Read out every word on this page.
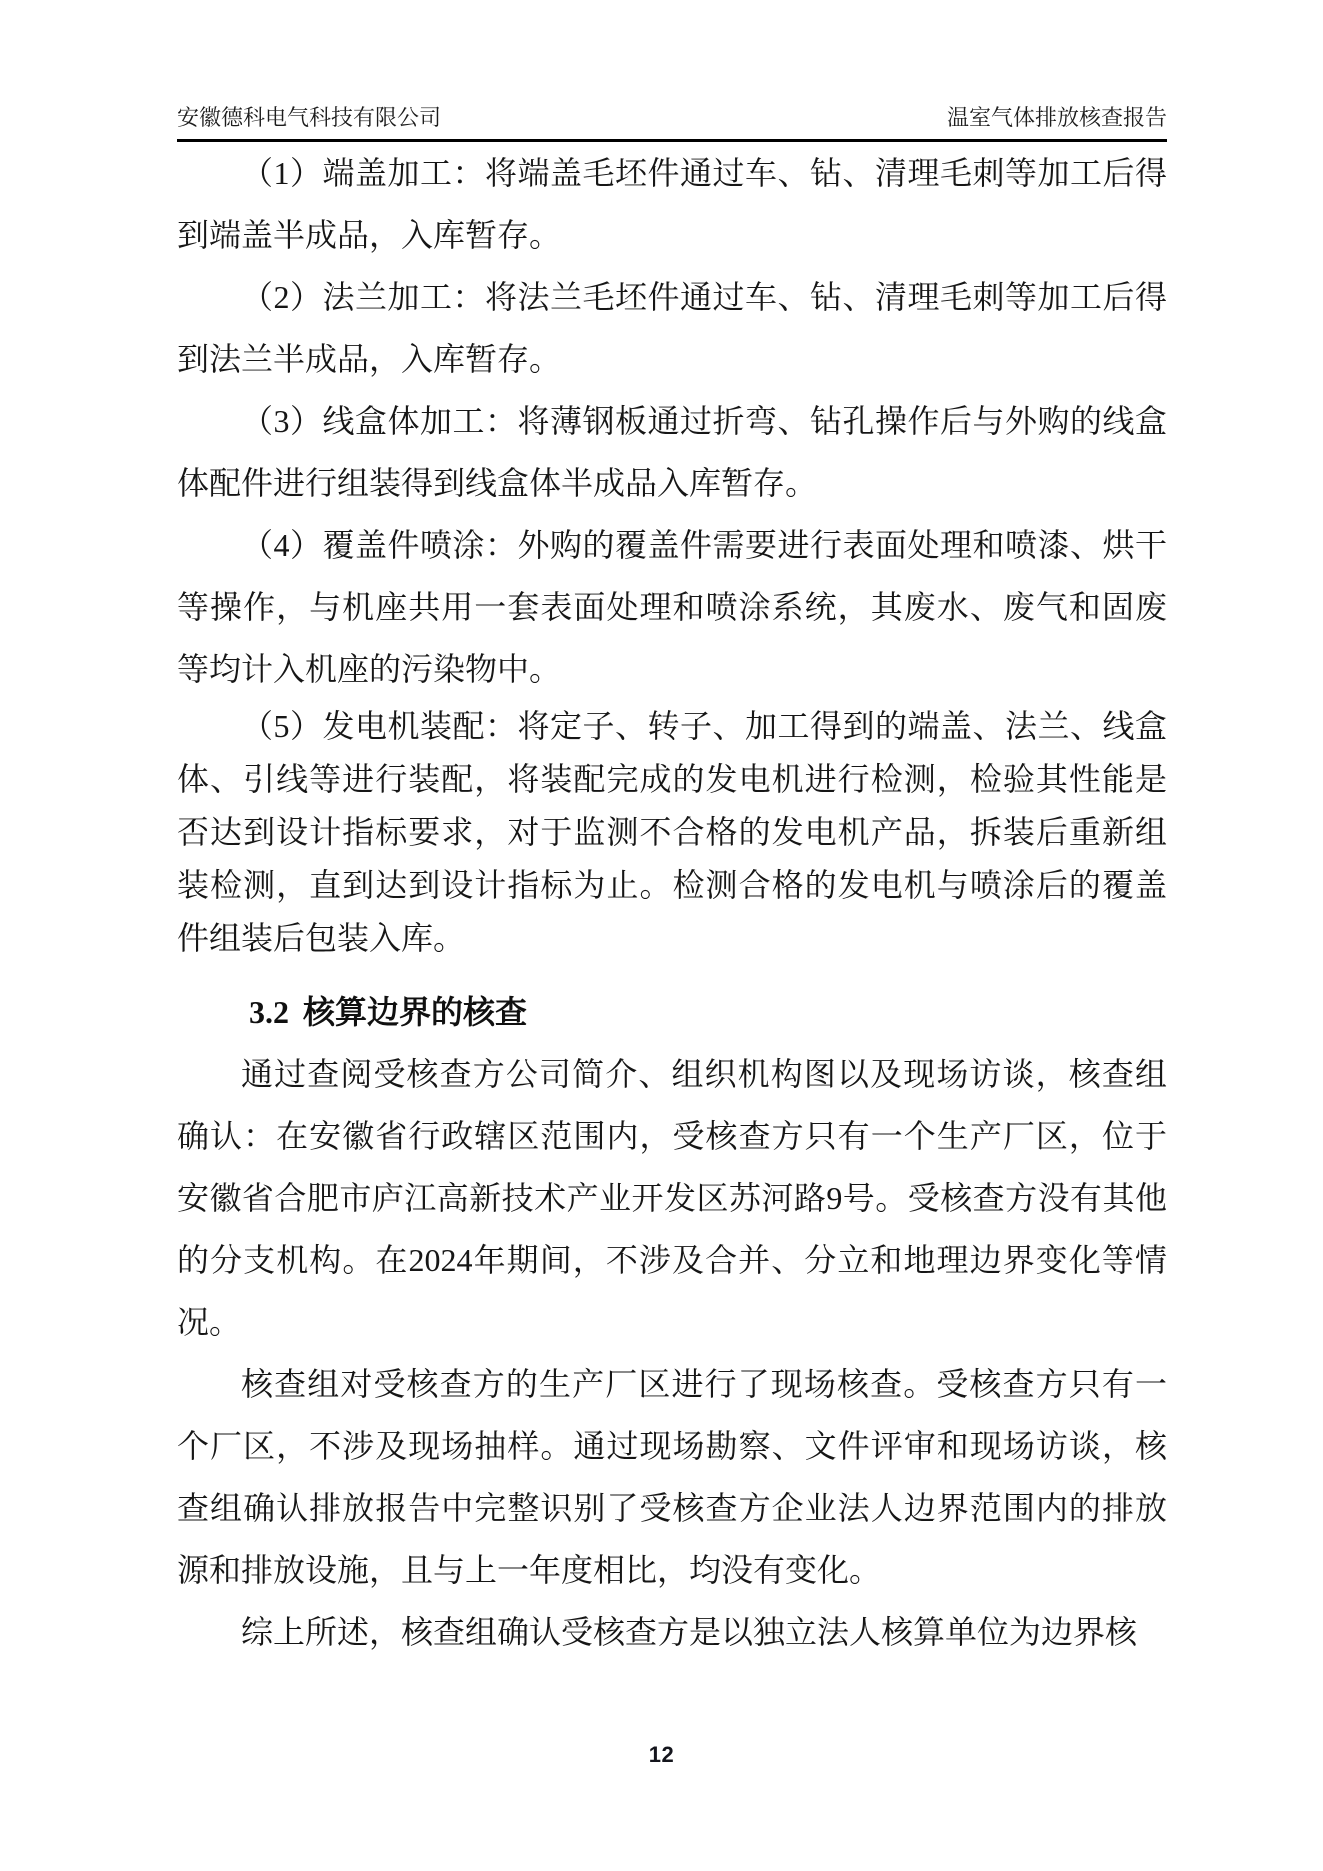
安徽德科电气科技有限公司	温室气体排放核查报告

（1）端盖加工：将端盖毛坯件通过车、钻、清理毛刺等加工后得到端盖半成品，入库暂存。

（2）法兰加工：将法兰毛坯件通过车、钻、清理毛刺等加工后得到法兰半成品，入库暂存。

（3）线盒体加工：将薄钢板通过折弯、钻孔操作后与外购的线盒体配件进行组装得到线盒体半成品入库暂存。

（4）覆盖件喷涂：外购的覆盖件需要进行表面处理和喷漆、烘干等操作，与机座共用一套表面处理和喷涂系统，其废水、废气和固废等均计入机座的污染物中。

（5）发电机装配：将定子、转子、加工得到的端盖、法兰、线盒体、引线等进行装配，将装配完成的发电机进行检测，检验其性能是否达到设计指标要求，对于监测不合格的发电机产品，拆装后重新组装检测，直到达到设计指标为止。检测合格的发电机与喷涂后的覆盖件组装后包装入库。

3.2 核算边界的核查

通过查阅受核查方公司简介、组织机构图以及现场访谈，核查组确认：在安徽省行政辖区范围内，受核查方只有一个生产厂区，位于安徽省合肥市庐江高新技术产业开发区苏河路9号。受核查方没有其他的分支机构。在2024年期间，不涉及合并、分立和地理边界变化等情况。

核查组对受核查方的生产厂区进行了现场核查。受核查方只有一个厂区，不涉及现场抽样。通过现场勘察、文件评审和现场访谈，核查组确认排放报告中完整识别了受核查方企业法人边界范围内的排放源和排放设施，且与上一年度相比，均没有变化。

综上所述，核查组确认受核查方是以独立法人核算单位为边界核

12
